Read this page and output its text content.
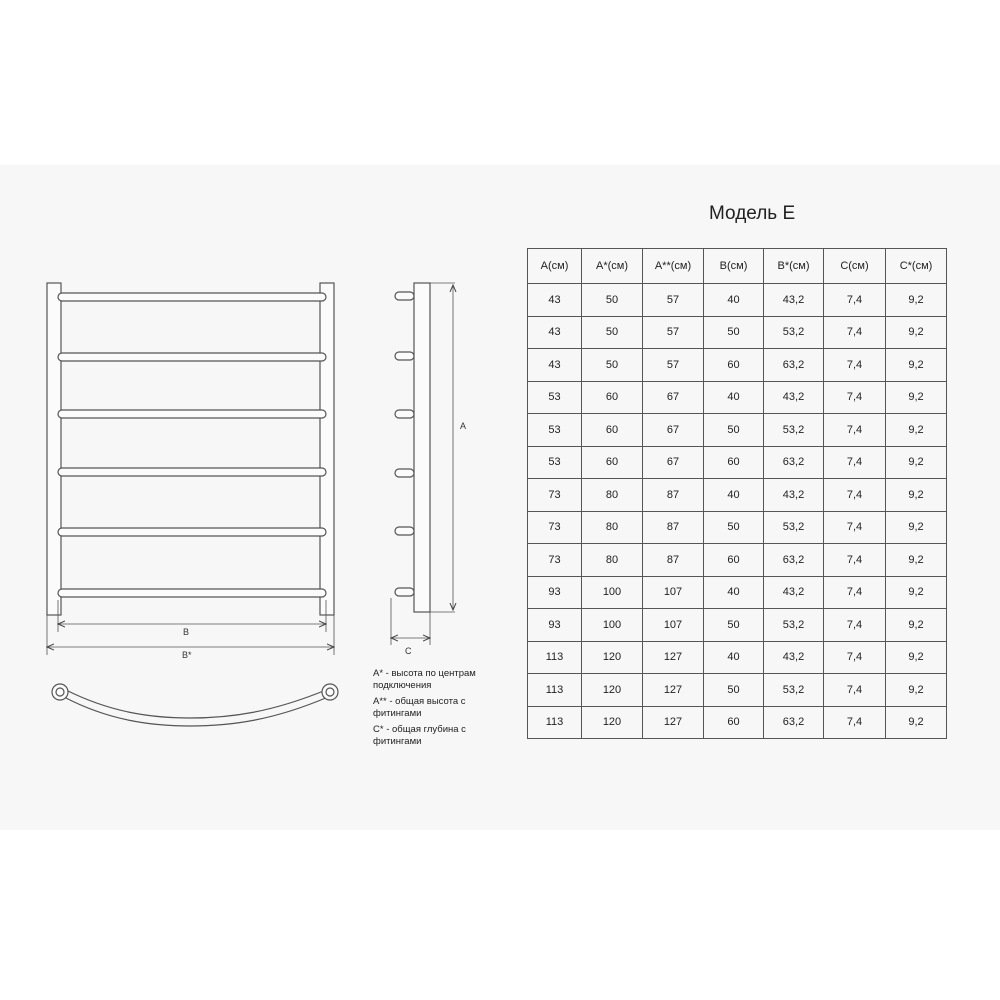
B
B*
A
C

А* - высота по центрам подключения

А** - общая высота с фитингами

С* - общая глубина с фитингами

Модель Е
А(см)	А*(см)	А**(см)	В(см)	В*(см)	С(см)	С*(см)
43	50	57	40	43,2	7,4	9,2
43	50	57	50	53,2	7,4	9,2
43	50	57	60	63,2	7,4	9,2
53	60	67	40	43,2	7,4	9,2
53	60	67	50	53,2	7,4	9,2
53	60	67	60	63,2	7,4	9,2
73	80	87	40	43,2	7,4	9,2
73	80	87	50	53,2	7,4	9,2
73	80	87	60	63,2	7,4	9,2
93	100	107	40	43,2	7,4	9,2
93	100	107	50	53,2	7,4	9,2
113	120	127	40	43,2	7,4	9,2
113	120	127	50	53,2	7,4	9,2
113	120	127	60	63,2	7,4	9,2
